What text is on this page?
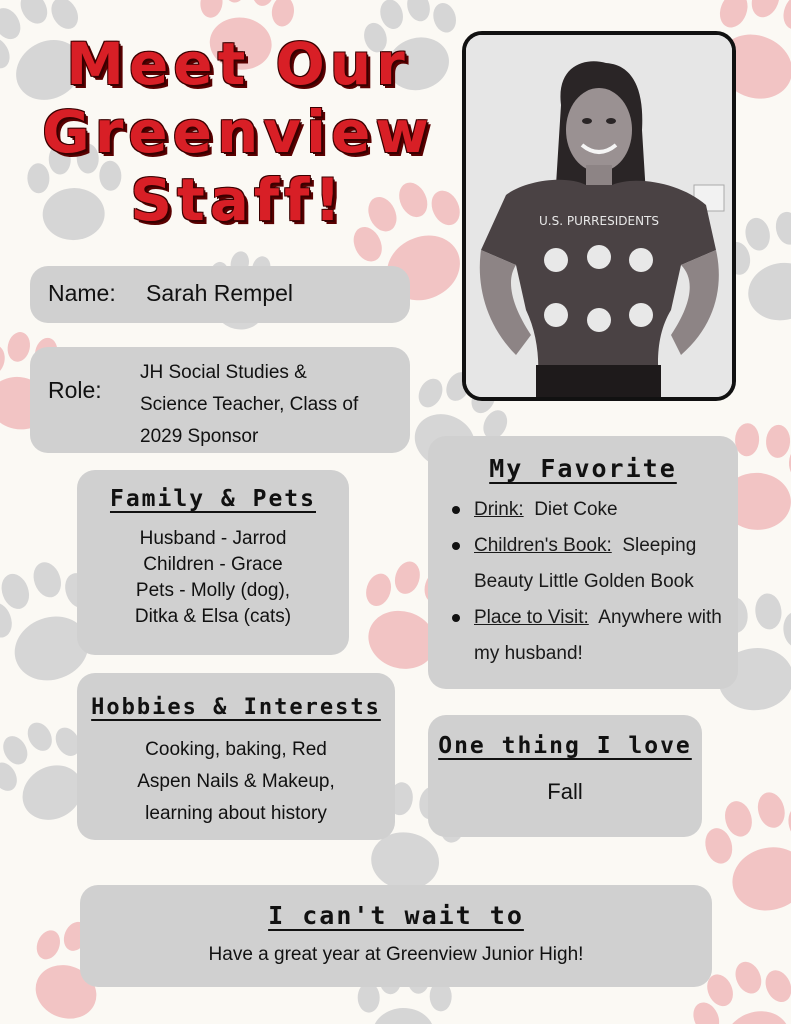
Meet Our
Greenview
Staff!	U.S. PURRESIDENTS
Name: Sarah Rempel
Role:
JH Social Studies &
Science Teacher, Class of
2029 Sponsor
Family & Pets
Husband - Jarrod
Children - Grace
Pets - Molly (dog),
Ditka & Elsa (cats)
My Favorite
Drink: Diet Coke
Children's Book: Sleeping Beauty Little Golden Book
Place to Visit: Anywhere with my husband!
Hobbies & Interests
Cooking, baking, Red
Aspen Nails & Makeup,
learning about history
One thing I love
Fall
I can't wait to
Have a great year at Greenview Junior High!
